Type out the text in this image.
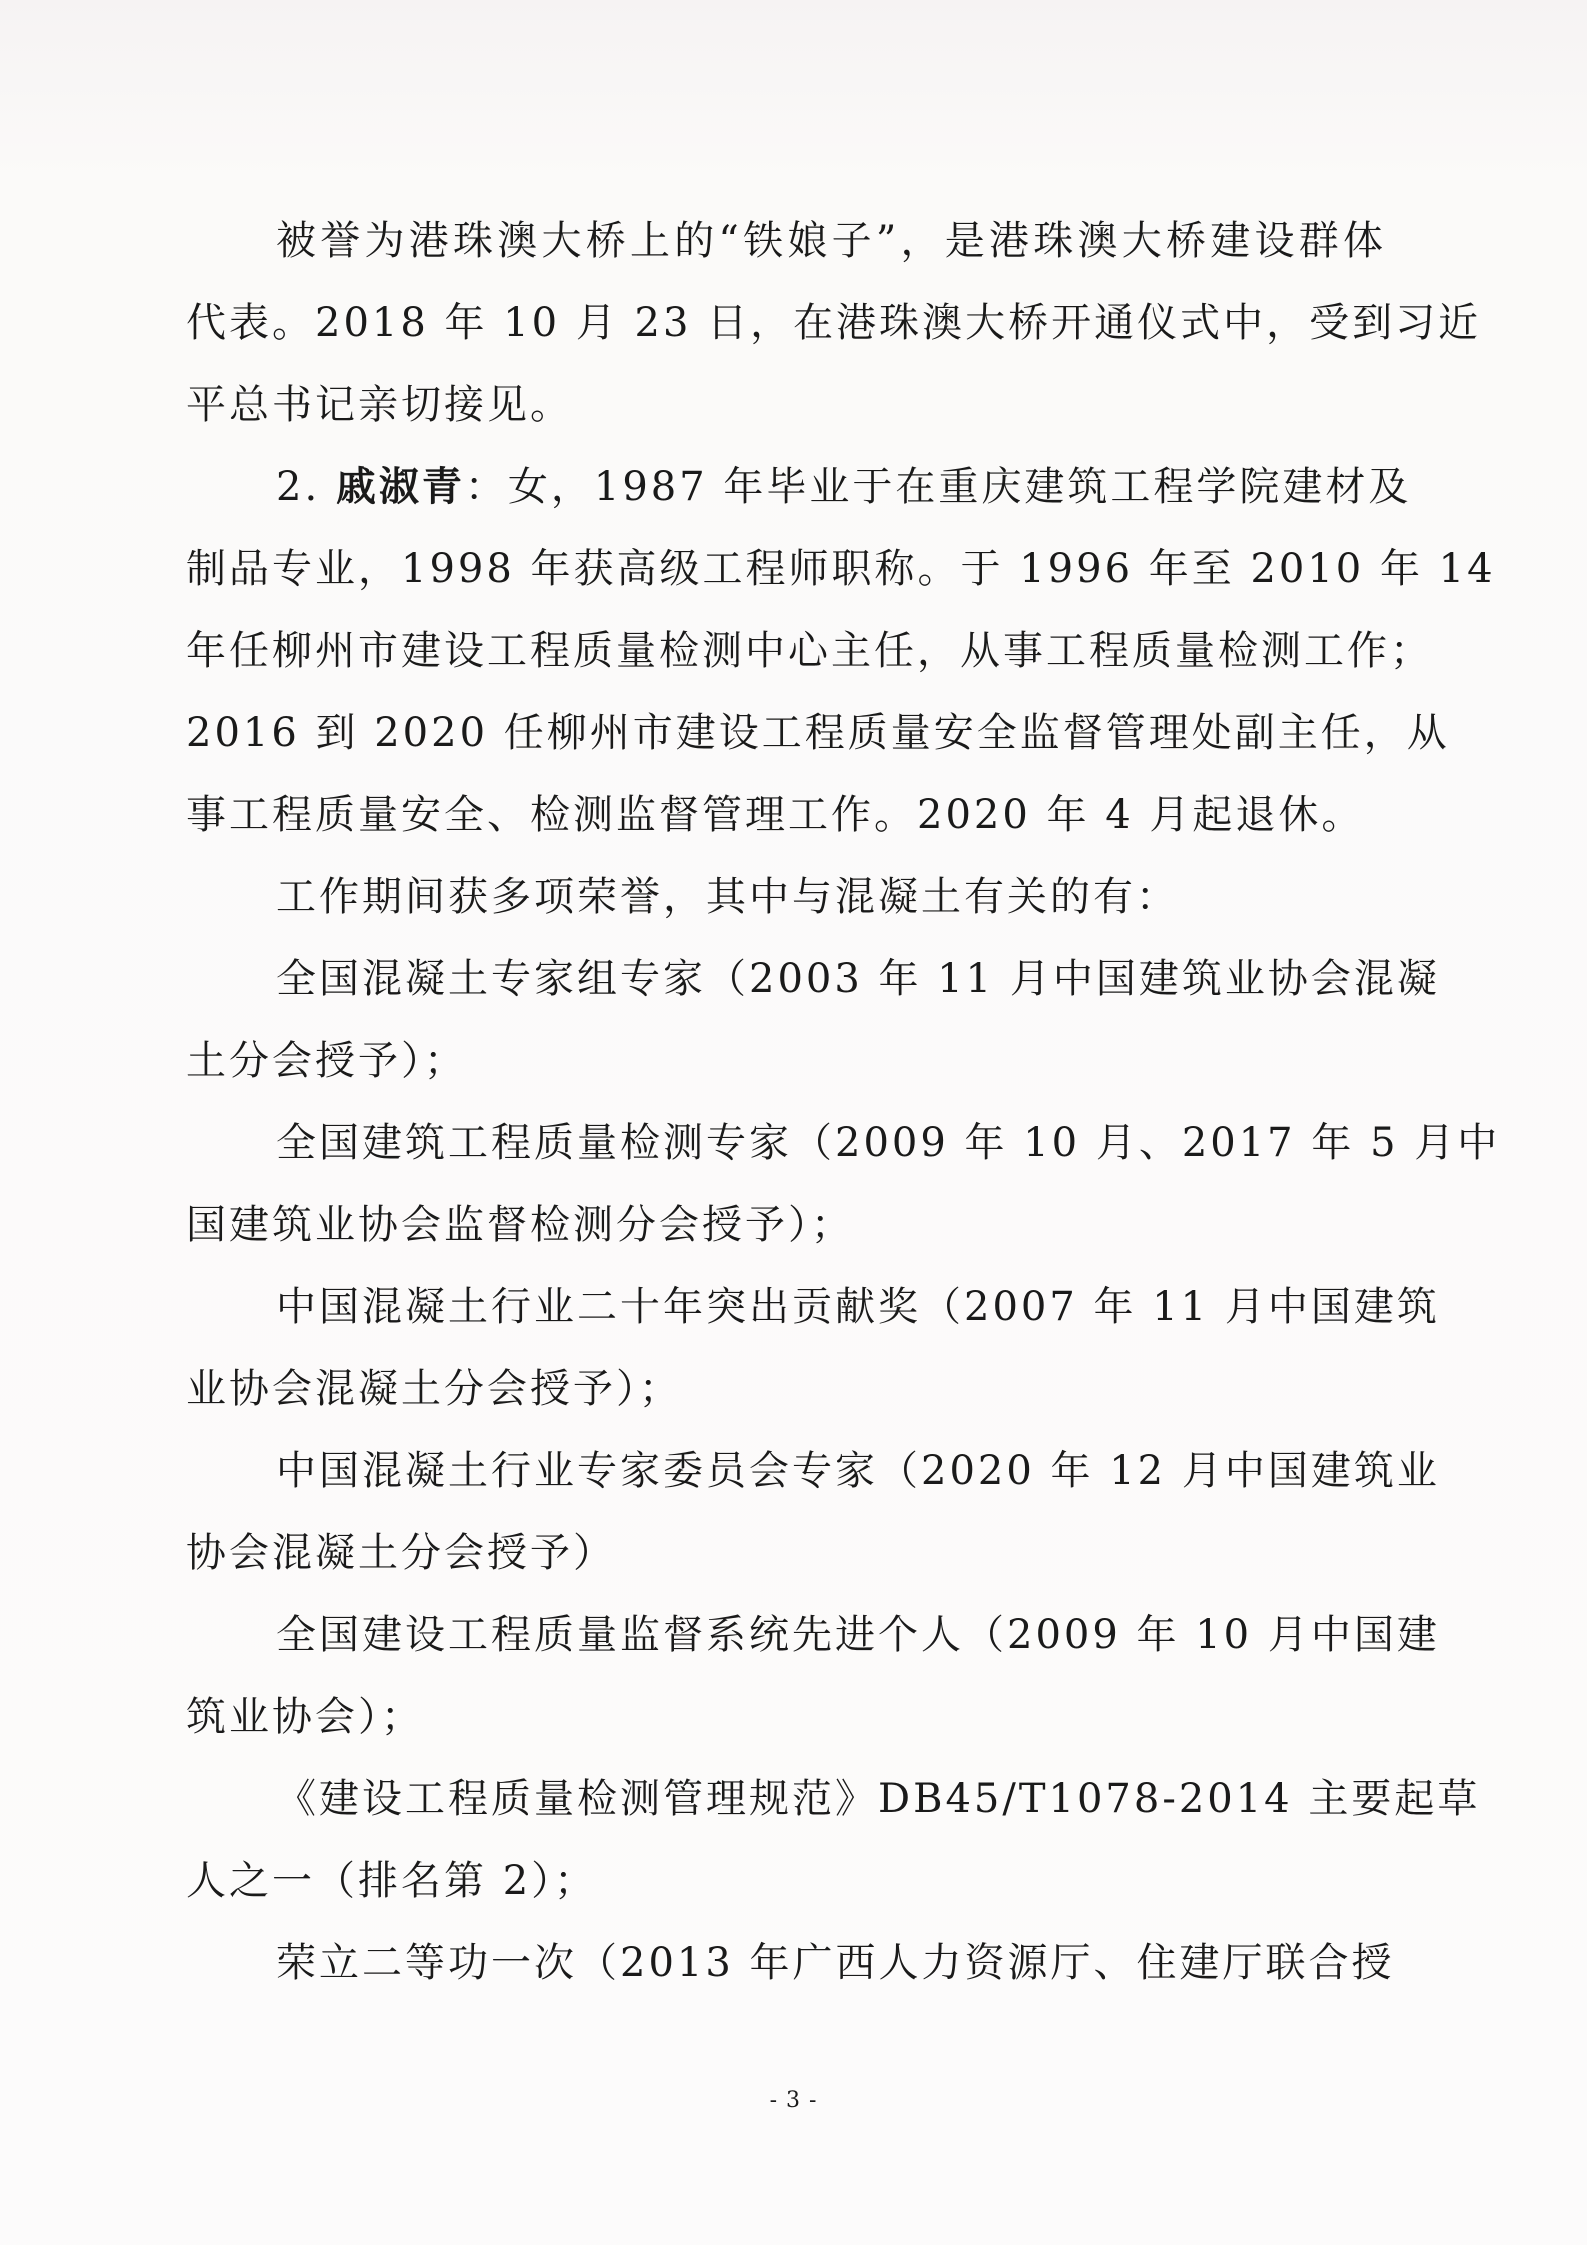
被誉为港珠澳大桥上的“铁娘子”，是港珠澳大桥建设群体
代表。2018 年 10 月 23 日，在港珠澳大桥开通仪式中，受到习近
平总书记亲切接见。
2. 戚淑青：女，1987 年毕业于在重庆建筑工程学院建材及
制品专业，1998 年获高级工程师职称。于 1996 年至 2010 年 14
年任柳州市建设工程质量检测中心主任，从事工程质量检测工作；
2016 到 2020 任柳州市建设工程质量安全监督管理处副主任，从
事工程质量安全、检测监督管理工作。2020 年 4 月起退休。
工作期间获多项荣誉，其中与混凝土有关的有：
全国混凝土专家组专家（2003 年 11 月中国建筑业协会混凝
土分会授予）；
全国建筑工程质量检测专家（2009 年 10 月、2017 年 5 月中
国建筑业协会监督检测分会授予）；
中国混凝土行业二十年突出贡献奖（2007 年 11 月中国建筑
业协会混凝土分会授予）；
中国混凝土行业专家委员会专家（2020 年 12 月中国建筑业
协会混凝土分会授予）
全国建设工程质量监督系统先进个人（2009 年 10 月中国建
筑业协会）；
《建设工程质量检测管理规范》DB45/T1078-2014 主要起草
人之一（排名第 2）；
荣立二等功一次（2013 年广西人力资源厅、住建厅联合授
- 3 -
